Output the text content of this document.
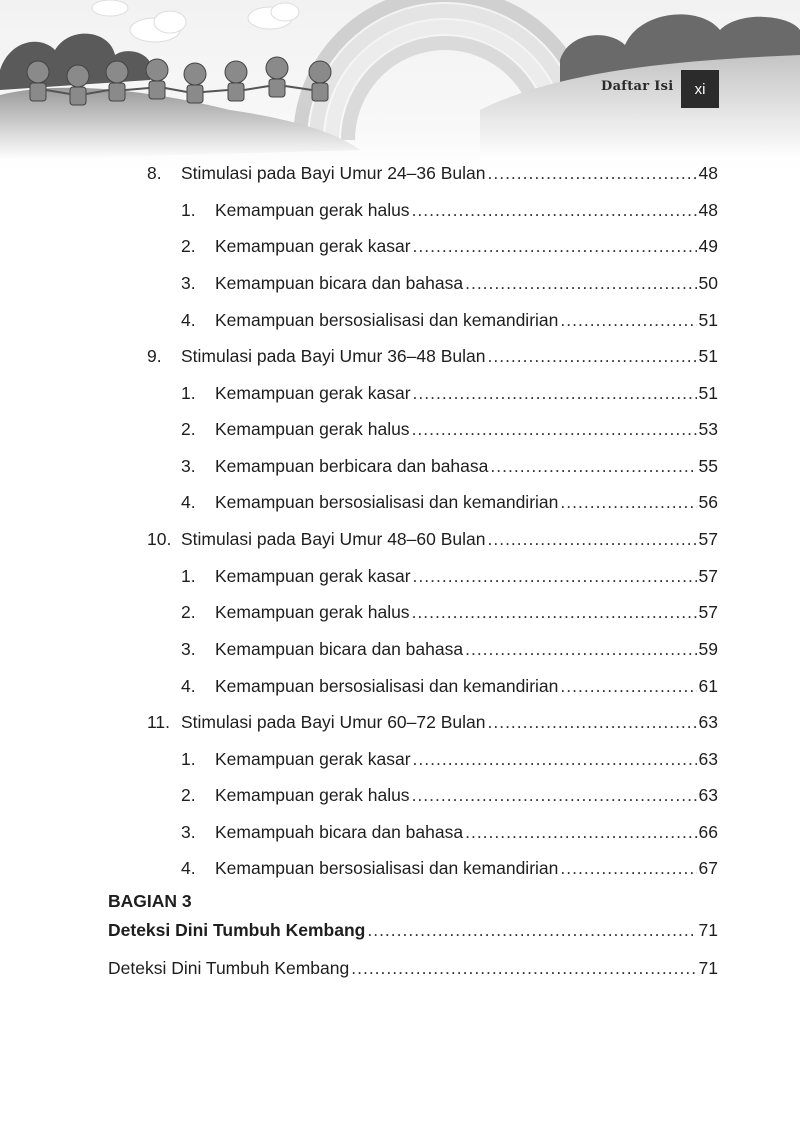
Daftar Isi xi
8.	Stimulasi pada Bayi Umur 24–36 Bulan .....	48
1.	Kemampuan gerak halus .....	48
2.	Kemampuan gerak kasar .....	49
3.	Kemampuan bicara dan bahasa .....	50
4.	Kemampuan bersosialisasi dan kemandirian .....	51
9.	Stimulasi pada Bayi Umur 36–48 Bulan .....	51
1.	Kemampuan gerak kasar .....	51
2.	Kemampuan gerak halus .....	53
3.	Kemampuan berbicara dan bahasa .....	55
4.	Kemampuan bersosialisasi dan kemandirian .....	56
10. Stimulasi pada Bayi Umur 48–60 Bulan .....	57
1.	Kemampuan gerak kasar .....	57
2.	Kemampuan gerak halus .....	57
3.	Kemampuan bicara dan bahasa .....	59
4.	Kemampuan bersosialisasi dan kemandirian .....	61
11. Stimulasi pada Bayi Umur 60–72 Bulan .....	63
1.	Kemampuan gerak kasar .....	63
2.	Kemampuan gerak halus .....	63
3.	Kemampuah bicara dan bahasa .....	66
4.	Kemampuan bersosialisasi dan kemandirian .....	67
BAGIAN 3
Deteksi Dini Tumbuh Kembang .....	71
Deteksi Dini Tumbuh Kembang .....	71
